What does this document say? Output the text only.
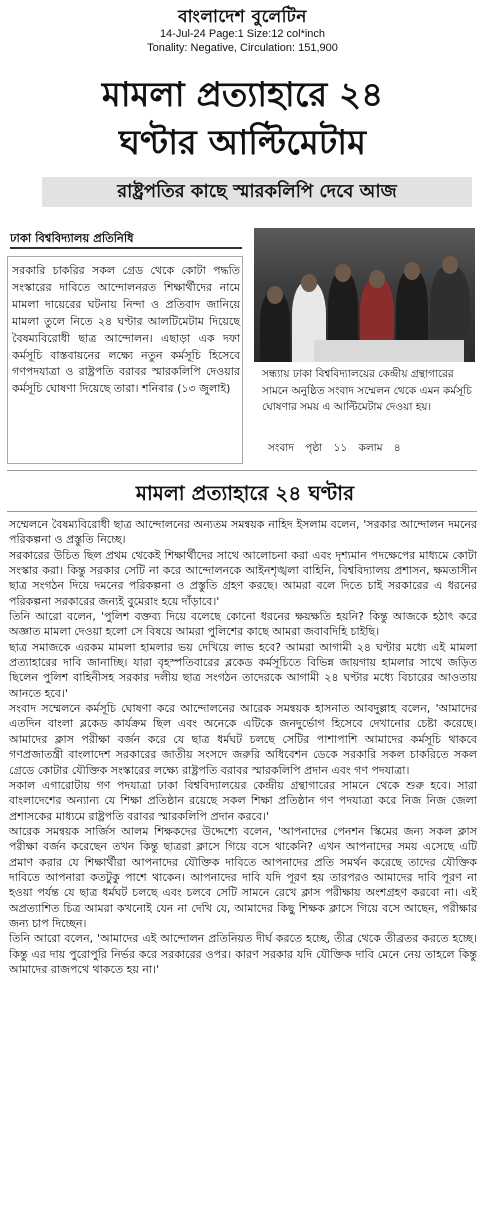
বাংলাদেশ বুলেটিন
14-Jul-24 Page:1 Size:12 col*inch
Tonality: Negative, Circulation: 151,900
মামলা প্রত্যাহারে ২৪
ঘণ্টার আল্টিমেটাম
রাষ্ট্রপতির কাছে স্মারকলিপি দেবে আজ
ঢাকা বিশ্ববিদ্যালয় প্রতিনিধি
সরকারি চাকরির সকল গ্রেড থেকে কোটা পদ্ধতি সংস্কারের দাবিতে আন্দোলনরত শিক্ষার্থীদের নামে মামলা দায়েরের ঘটনায় নিন্দা ও প্রতিবাদ জানিয়ে মামলা তুলে নিতে ২৪ ঘণ্টার আলটিমেটাম দিয়েছে বৈষম্যবিরোধী ছাত্র আন্দোলন। এছাড়া এক দফা কর্মসূচি বাস্তবায়নের লক্ষ্যে নতুন কর্মসূচি হিসেবে গণপদযাত্রা ও রাষ্ট্রপতি বরাবর স্মারকলিপি দেওয়ার কর্মসূচি ঘোষণা দিয়েছে তারা। শনিবার (১৩ জুলাই)
সন্ধ্যায় ঢাকা বিশ্ববিদ্যালয়ের কেন্দ্রীয় গ্রন্থাগারের সামনে অনুষ্ঠিত সংবাদ সম্মেলন থেকে এমন কর্মসূচি ঘোষণার সময় এ আল্টিমেটাম দেওয়া হয়।
সংবাদ পৃষ্ঠা ১১ কলাম ৪
মামলা প্রত্যাহারে ২৪ ঘণ্টার

সম্মেলনে বৈষম্যবিরোধী ছাত্র আন্দোলনের অন্যতম সমন্বয়ক নাহিদ ইসলাম বলেন, 'সরকার আন্দোলন দমনের পরিকল্পনা ও প্রস্তুতি নিচ্ছে।

সরকারের উচিত ছিল প্রথম থেকেই শিক্ষার্থীদের সাথে আলোচনা করা এবং দৃশ্যমান পদক্ষেপের মাধ্যমে কোটা সংস্কার করা। কিন্তু সরকার সেটি না করে আন্দোলনকে আইনশৃঙ্খলা বাহিনি, বিশ্ববিদ্যালয় প্রশাসন, ক্ষমতাসীন ছাত্র সংগঠন দিয়ে দমনের পরিকল্পনা ও প্রস্তুতি গ্রহণ করছে। আমরা বলে দিতে চাই সরকারের এ ধরনের পরিকল্পনা সরকারের জন্যই বুমেরাং হয়ে দাঁড়াবে।'

তিনি আরো বলেন, 'পুলিশ বক্তব্য দিয়ে বলেছে কোনো ধরনের ক্ষয়ক্ষতি হয়নি? কিন্তু আজকে হঠাৎ করে অজ্ঞাত মামলা দেওয়া হলো সে বিষয়ে আমরা পুলিশের কাছে আমরা জবাবদিহি চাইছি।

ছাত্র সমাজকে এরকম মামলা হামলার ভয় দেখিয়ে লাভ হবে? আমরা আগামী ২৪ ঘণ্টার মধ্যে এই মামলা প্রত্যাহারের দাবি জানাচ্ছি। যারা বৃহস্পতিবারের ব্লকেড কর্মসূচিতে বিভিন্ন জায়গায় হামলার সাথে জড়িত ছিলেন পুলিশ বাহিনীসহ সরকার দলীয় ছাত্র সংগঠন তাদেরকে আগামী ২৪ ঘণ্টার মধ্যে বিচারের আওতায় আনতে হবে।'

সংবাদ সম্মেলনে কর্মসূচি ঘোষণা করে আন্দোলনের আরেক সমন্বয়ক হাসনাত আবদুল্লাহ বলেন, 'আমাদের এতদিন বাংলা ব্লকেড কার্যক্রম ছিল এবং অনেকে এটিকে জনদুর্ভোগ হিসেবে দেখানোর চেষ্টা করেছে। আমাদের ক্লাস পরীক্ষা বর্জন করে যে ছাত্র ধর্মঘট চলছে সেটির পাশাপাশি আমাদের কর্মসূচি থাকবে গণপ্রজাতন্ত্রী বাংলাদেশ সরকারের জাতীয় সংসদে জরুরি অধিবেশন ডেকে সরকারি সকল চাকরিতে সকল গ্রেডে কোটার যৌক্তিক সংস্কারের লক্ষ্যে রাষ্ট্রপতি বরাবর স্মারকলিপি প্রদান এবং গণ পদযাত্রা।

সকাল এগারোটায় গণ পদযাত্রা ঢাকা বিশ্ববিদ্যালয়ের কেন্দ্রীয় গ্রন্থাগারের সামনে থেকে শুরু হবে। সারা বাংলাদেশের অন্যান্য যে শিক্ষা প্রতিষ্ঠান রয়েছে সকল শিক্ষা প্রতিষ্ঠান গণ পদযাত্রা করে নিজ নিজ জেলা প্রশাসকের মাধ্যমে রাষ্ট্রপতি বরাবর স্মারকলিপি প্রদান করবে।'

আরেক সমন্বয়ক সার্জিস আলম শিক্ষকদের উদ্দেশ্যে বলেন, 'আপনাদের পেনশন স্কিমের জন্য সকল ক্লাস পরীক্ষা বর্জন করেছেন তখন কিন্তু ছাত্ররা ক্লাসে গিয়ে বসে থাকেনি? এখন আপনাদের সময় এসেছে এটি প্রমাণ করার যে শিক্ষার্থীরা আপনাদের যৌক্তিক দাবিতে আপনাদের প্রতি সমর্থন করেছে তাদের যৌক্তিক দাবিতে আপনারা কতটুকু পাশে থাকেন। আপনাদের দাবি যদি পূরণ হয় তারপরও আমাদের দাবি পূরণ না হওয়া পর্যন্ত যে ছাত্র ধর্মঘট চলছে এবং চলবে সেটি সামনে রেখে ক্লাস পরীক্ষায় অংশগ্রহণ করবো না। এই অপ্রত্যাশিত চিত্র আমরা কখনোই যেন না দেখি যে, আমাদের কিছু শিক্ষক ক্লাসে গিয়ে বসে আছেন, পরীক্ষার জন্য চাপ দিচ্ছেন।

তিনি আরো বলেন, 'আমাদের এই আন্দোলন প্রতিনিয়ত দীর্ঘ করতে হচ্ছে, তীব্র থেকে তীব্রতর করতে হচ্ছে। কিন্তু এর দায় পুরোপুরি নির্ভর করে সরকারের ওপর। কারণ সরকার যদি যৌক্তিক দাবি মেনে নেয় তাহলে কিন্তু আমাদের রাজপথে থাকতে হয় না।'
